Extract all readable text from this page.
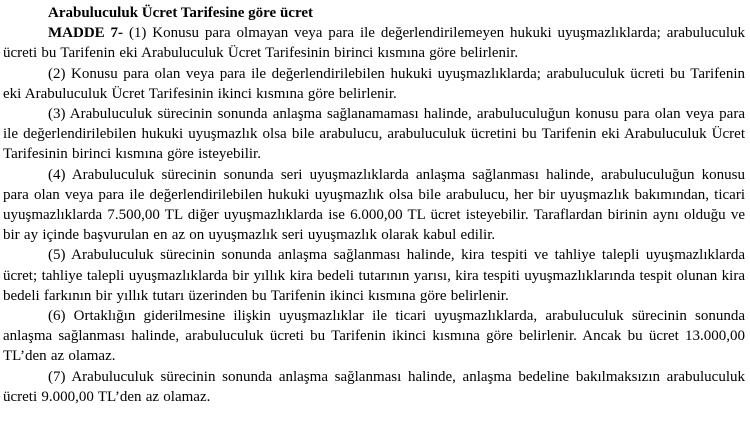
Arabuluculuk Ücret Tarifesine göre ücret

MADDE 7- (1) Konusu para olmayan veya para ile değerlendirilemeyen hukuki uyuşmazlıklarda; arabuluculuk ücreti bu Tarifenin eki Arabuluculuk Ücret Tarifesinin birinci kısmına göre belirlenir.

(2) Konusu para olan veya para ile değerlendirilebilen hukuki uyuşmazlıklarda; arabuluculuk ücreti bu Tarifenin eki Arabuluculuk Ücret Tarifesinin ikinci kısmına göre belirlenir.

(3) Arabuluculuk sürecinin sonunda anlaşma sağlanamaması halinde, arabuluculuğun konusu para olan veya para ile değerlendirilebilen hukuki uyuşmazlık olsa bile arabulucu, arabuluculuk ücretini bu Tarifenin eki Arabuluculuk Ücret Tarifesinin birinci kısmına göre isteyebilir.

(4) Arabuluculuk sürecinin sonunda seri uyuşmazlıklarda anlaşma sağlanması halinde, arabuluculuğun konusu para olan veya para ile değerlendirilebilen hukuki uyuşmazlık olsa bile arabulucu, her bir uyuşmazlık bakımından, ticari uyuşmazlıklarda 7.500,00 TL diğer uyuşmazlıklarda ise 6.000,00 TL ücret isteyebilir. Taraflardan birinin aynı olduğu ve bir ay içinde başvurulan en az on uyuşmazlık seri uyuşmazlık olarak kabul edilir.

(5) Arabuluculuk sürecinin sonunda anlaşma sağlanması halinde, kira tespiti ve tahliye talepli uyuşmazlıklarda ücret; tahliye talepli uyuşmazlıklarda bir yıllık kira bedeli tutarının yarısı, kira tespiti uyuşmazlıklarında tespit olunan kira bedeli farkının bir yıllık tutarı üzerinden bu Tarifenin ikinci kısmına göre belirlenir.

(6) Ortaklığın giderilmesine ilişkin uyuşmazlıklar ile ticari uyuşmazlıklarda, arabuluculuk sürecinin sonunda anlaşma sağlanması halinde, arabuluculuk ücreti bu Tarifenin ikinci kısmına göre belirlenir. Ancak bu ücret 13.000,00 TL’den az olamaz.

(7) Arabuluculuk sürecinin sonunda anlaşma sağlanması halinde, anlaşma bedeline bakılmaksızın arabuluculuk ücreti 9.000,00 TL’den az olamaz.
